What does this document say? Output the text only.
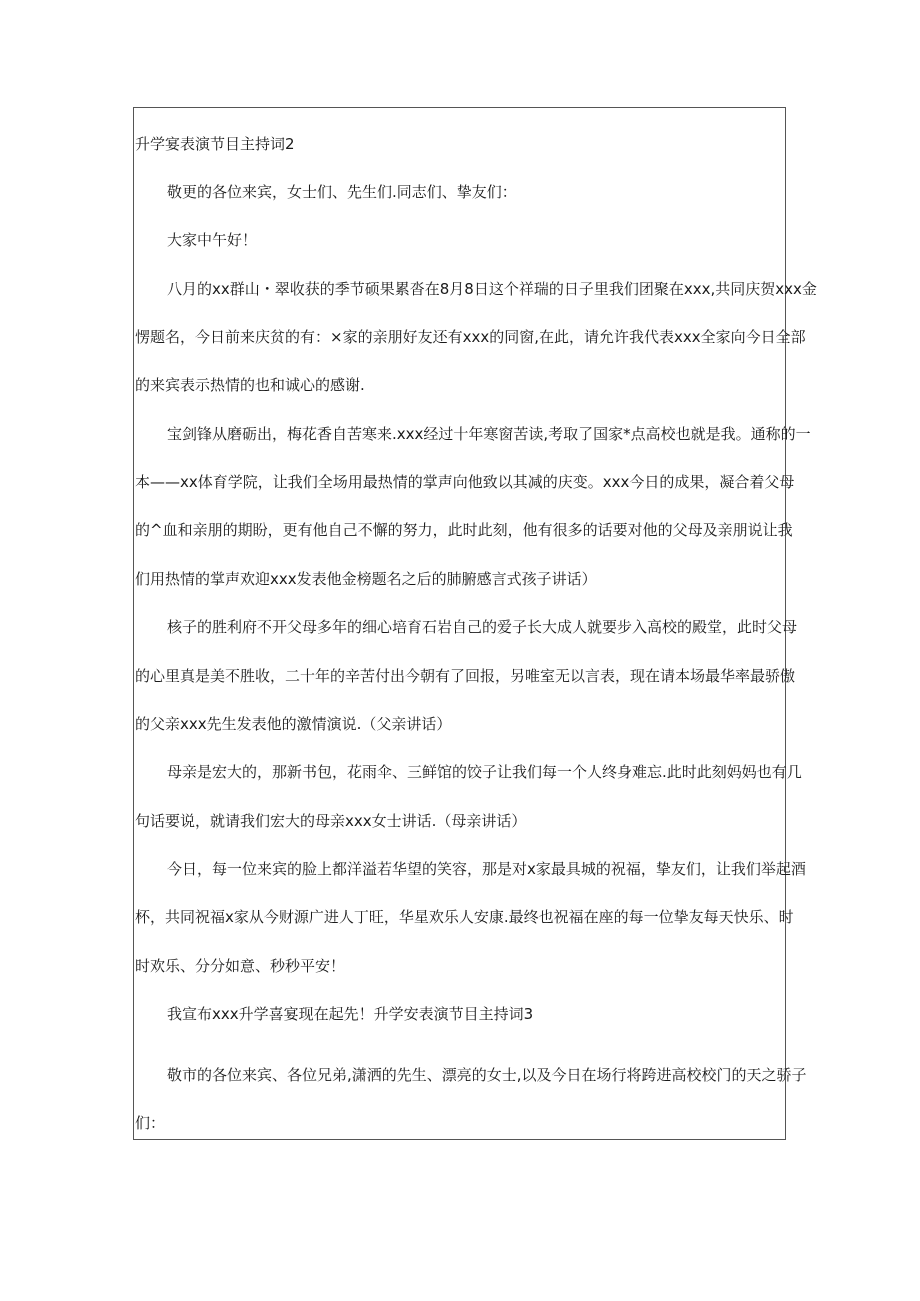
升学宴表演节目主持词2
敬更的各位来宾，女士们、先生们.同志们、挚友们：
大家中午好！
八月的xx群山・翠收获的季节硕果累沓在8月8日这个祥瑞的日子里我们团聚在xxx,共同庆贺xxx金
愣题名，今日前来庆贫的有：×家的亲朋好友还有xxx的同窗,在此，请允许我代表xxx全家向今日全部
的来宾表示热情的也和诚心的感谢.
宝剑锋从磨砺出，梅花香自苦寒来.xxx经过十年寒窗苦读,考取了国家*点高校也就是我。通称的一
本——xx体育学院，让我们全场用最热情的掌声向他致以其减的庆变。xxx今日的成果，凝合着父母
的^血和亲朋的期盼，更有他自己不懈的努力，此时此刻，他有很多的话要对他的父母及亲朋说让我
们用热情的掌声欢迎xxx发表他金榜题名之后的肺腑感言式孩子讲话）
核子的胜利府不开父母多年的细心培育石岩自己的爱子长大成人就要步入高校的殿堂，此时父母
的心里真是美不胜收，二十年的辛苦付出今朝有了回报，另唯室无以言表，现在请本场最华率最骄傲
的父亲xxx先生发表他的激情演说.（父亲讲话）
母亲是宏大的，那新书包，花雨伞、三鲜馆的饺子让我们每一个人终身难忘.此时此刻妈妈也有几
句话要说，就请我们宏大的母亲xxx女士讲话.（母亲讲话）
今日，每一位来宾的脸上都洋溢若华望的笑容，那是对x家最具城的祝福，挚友们，让我们举起酒
杯，共同祝福x家从今财源广进人丁旺，华星欢乐人安康.最终也祝福在座的每一位挚友每天快乐、时
时欢乐、分分如意、秒秒平安！
我宣布xxx升学喜宴现在起先！升学安表演节目主持词3
敬市的各位来宾、各位兄弟,潇洒的先生、漂亮的女士,以及今日在场行将跨进高校校门的天之骄子
们：
